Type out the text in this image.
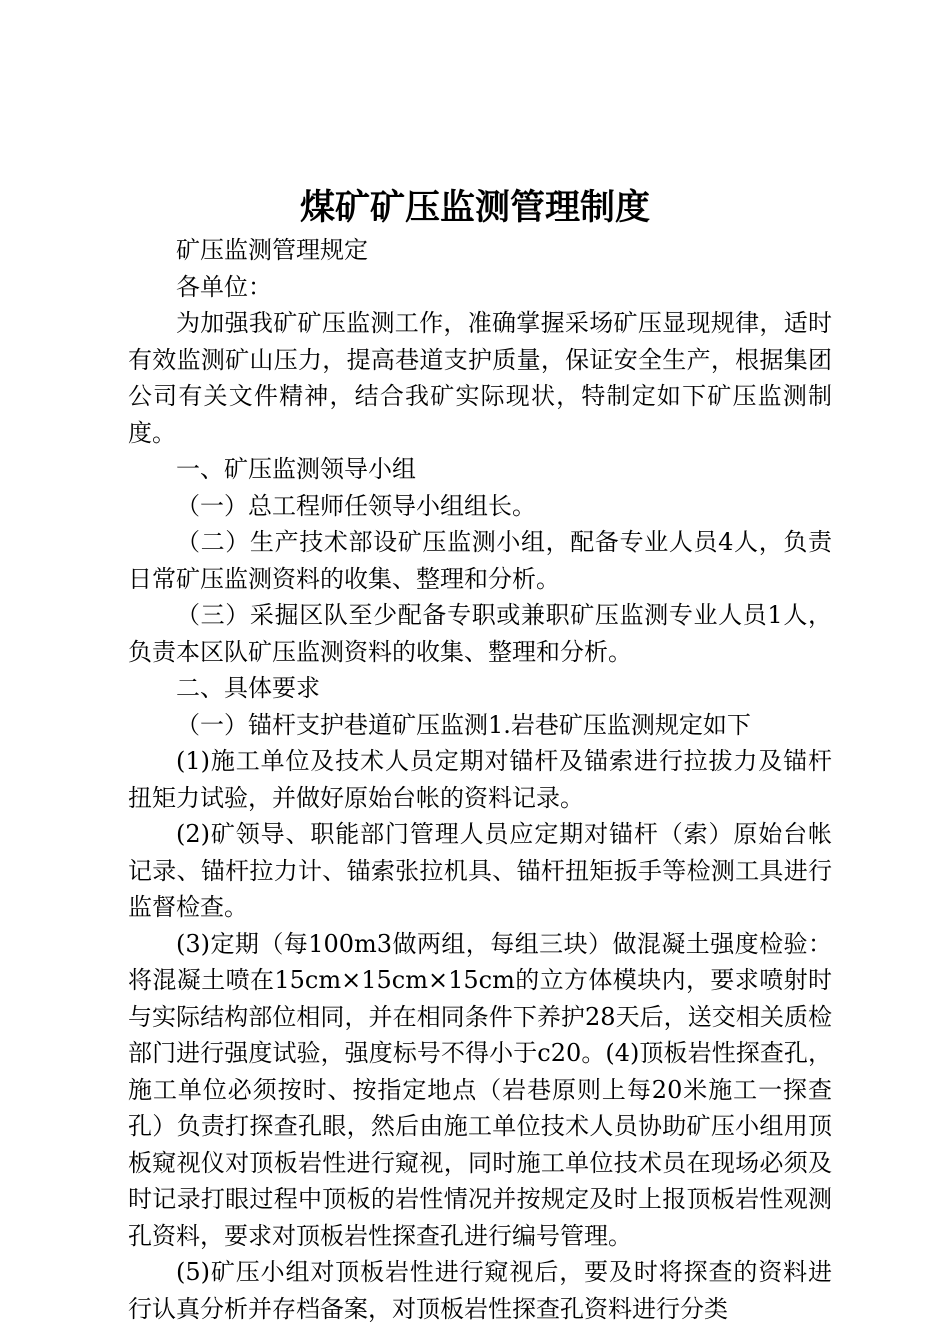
煤矿矿压监测管理制度

矿压监测管理规定

各单位：

为加强我矿矿压监测工作，准确掌握采场矿压显现规律，适时有效监测矿山压力，提高巷道支护质量，保证安全生产，根据集团公司有关文件精神，结合我矿实际现状，特制定如下矿压监测制度。

一、矿压监测领导小组

（一）总工程师任领导小组组长。

（二）生产技术部设矿压监测小组，配备专业人员4人，负责日常矿压监测资料的收集、整理和分析。

（三）采掘区队至少配备专职或兼职矿压监测专业人员1人，负责本区队矿压监测资料的收集、整理和分析。

二、具体要求

（一）锚杆支护巷道矿压监测1.岩巷矿压监测规定如下

(1)施工单位及技术人员定期对锚杆及锚索进行拉拔力及锚杆扭矩力试验，并做好原始台帐的资料记录。

(2)矿领导、职能部门管理人员应定期对锚杆（索）原始台帐记录、锚杆拉力计、锚索张拉机具、锚杆扭矩扳手等检测工具进行监督检查。

(3)定期（每100m3做两组，每组三块）做混凝土强度检验：将混凝土喷在15cm×15cm×15cm的立方体模块内，要求喷射时与实际结构部位相同，并在相同条件下养护28天后，送交相关质检部门进行强度试验，强度标号不得小于c20。(4)顶板岩性探查孔，施工单位必须按时、按指定地点（岩巷原则上每20米施工一探查孔）负责打探查孔眼，然后由施工单位技术人员协助矿压小组用顶板窥视仪对顶板岩性进行窥视，同时施工单位技术员在现场必须及时记录打眼过程中顶板的岩性情况并按规定及时上报顶板岩性观测孔资料，要求对顶板岩性探查孔进行编号管理。

(5)矿压小组对顶板岩性进行窥视后，要及时将探查的资料进行认真分析并存档备案，对顶板岩性探查孔资料进行分类
